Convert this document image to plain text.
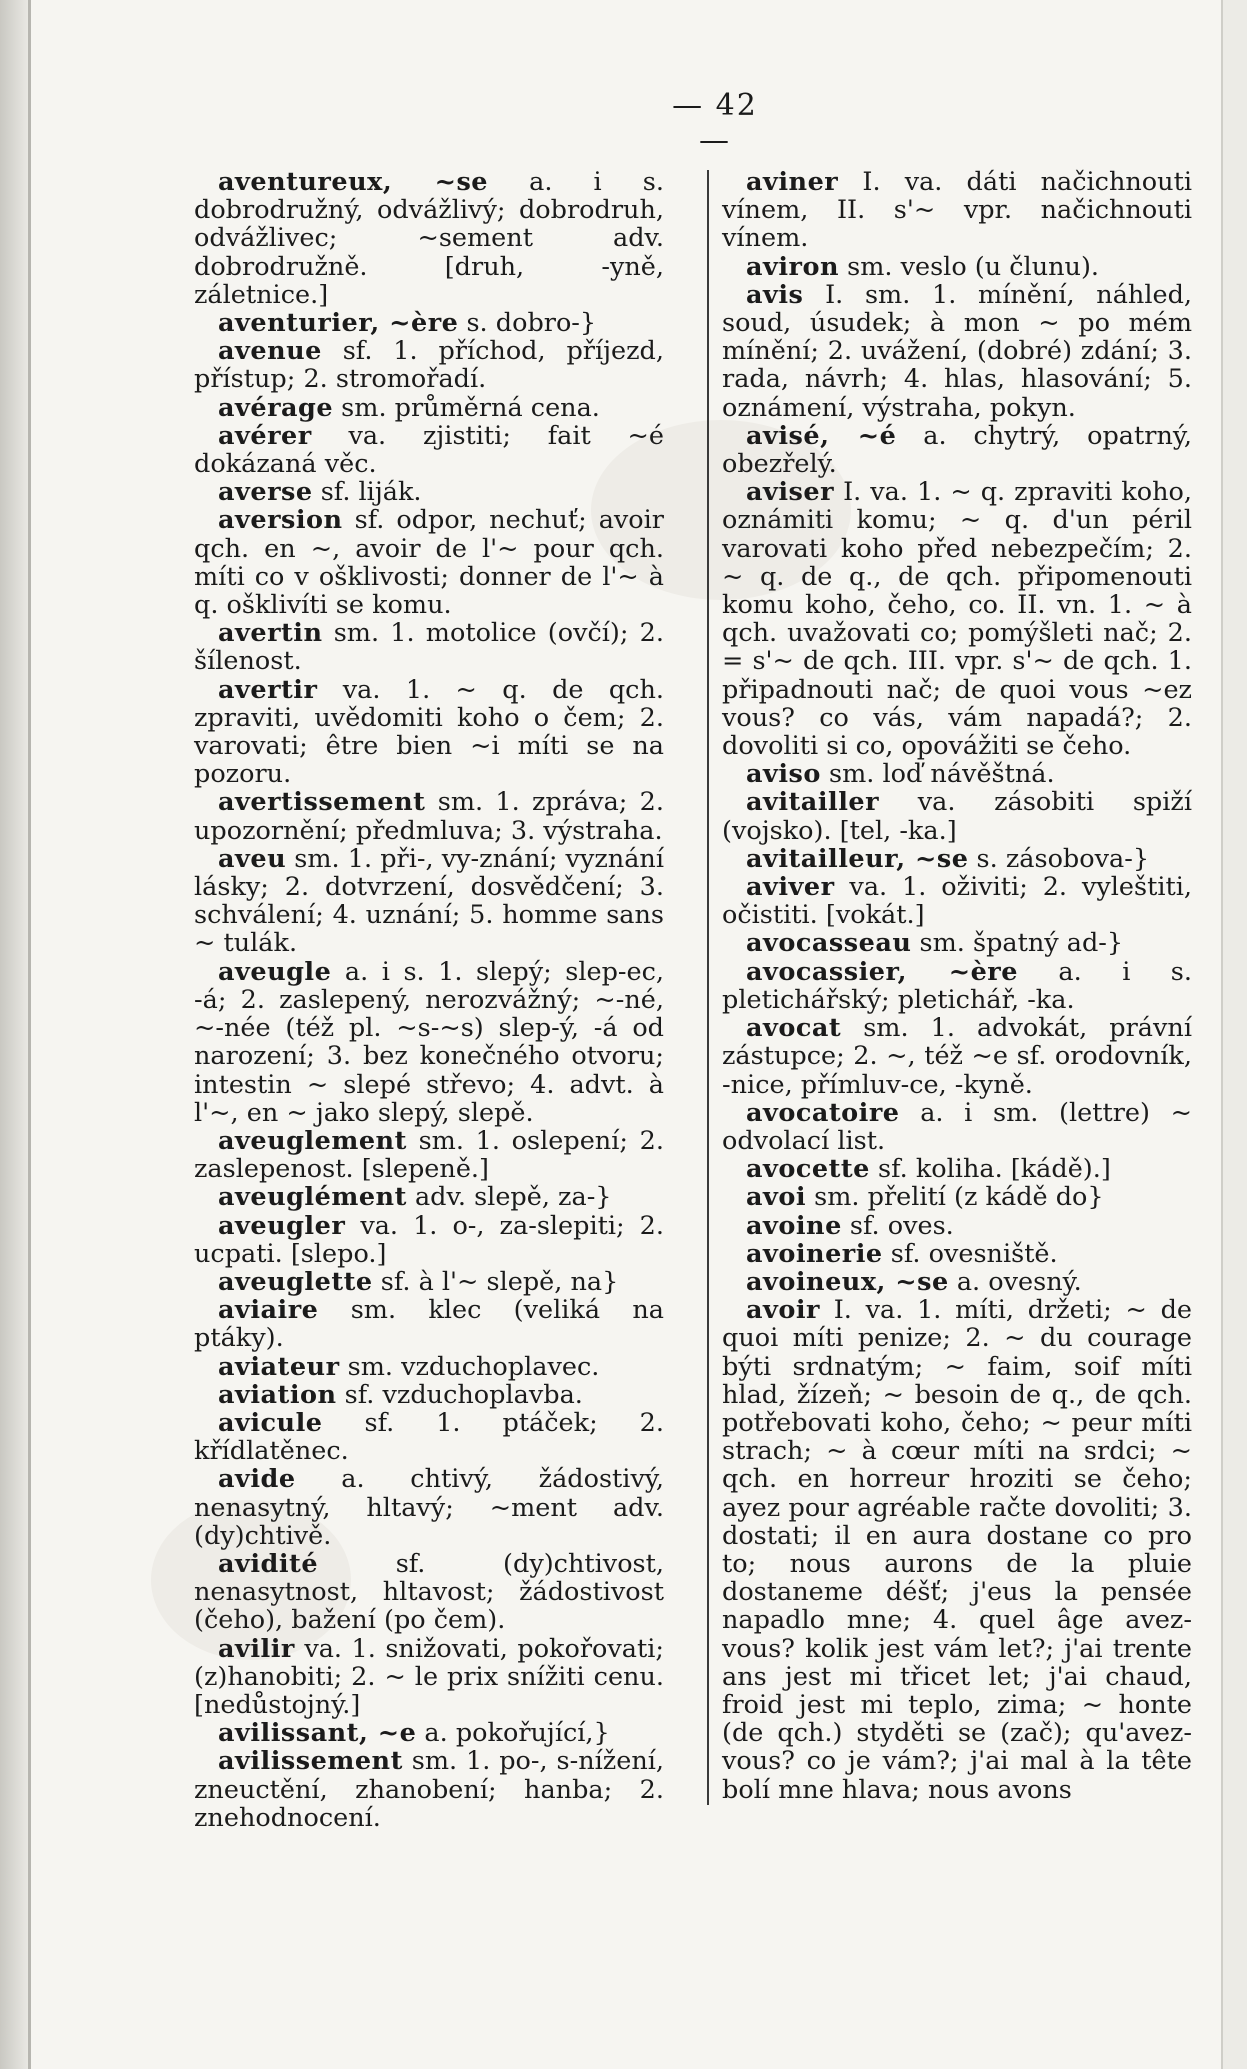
— 42 —

aventureux, ~se a. i s. dobrodružný, odvážlivý; dobrodruh, odvážlivec; ~sement adv. dobrodružně. [druh, -yně, záletnice.]

aventurier, ~ère s. dobro-}

avenue sf. 1. příchod, příjezd, přístup; 2. stromořadí.

avérage sm. průměrná cena.

avérer va. zjistiti; fait ~é dokázaná věc.

averse sf. liják.

aversion sf. odpor, nechuť; avoir qch. en ~, avoir de l'~ pour qch. míti co v ošklivosti; donner de l'~ à q. ošklivíti se komu.

avertin sm. 1. motolice (ovčí); 2. šílenost.

avertir va. 1. ~ q. de qch. zpraviti, uvědomiti koho o čem; 2. varovati; être bien ~i míti se na pozoru.

avertissement sm. 1. zpráva; 2. upozornění; předmluva; 3. výstraha.

aveu sm. 1. při-, vy-znání; vyznání lásky; 2. dotvrzení, dosvědčení; 3. schválení; 4. uznání; 5. homme sans ~ tulák.

aveugle a. i s. 1. slepý; slep-ec, -á; 2. zaslepený, nerozvážný; ~-né, ~-née (též pl. ~s-~s) slep-ý, -á od narození; 3. bez konečného otvoru; intestin ~ slepé střevo; 4. advt. à l'~, en ~ jako slepý, slepě.

aveuglement sm. 1. oslepení; 2. zaslepenost. [slepeně.]

aveuglément adv. slepě, za-}

aveugler va. 1. o-, za-slepiti; 2. ucpati. [slepo.]

aveuglette sf. à l'~ slepě, na}

aviaire sm. klec (veliká na ptáky).

aviateur sm. vzduchoplavec.

aviation sf. vzduchoplavba.

avicule sf. 1. ptáček; 2. křídlatěnec.

avide a. chtivý, žádostivý, nenasytný, hltavý; ~ment adv. (dy)chtivě.

avidité sf. (dy)chtivost, nenasytnost, hltavost; žádostivost (čeho), bažení (po čem).

avilir va. 1. snižovati, pokořovati; (z)hanobiti; 2. ~ le prix snížiti cenu. [nedůstojný.]

avilissant, ~e a. pokořující,}

avilissement sm. 1. po-, s-nížení, zneuctění, zhanobení; hanba; 2. znehodnocení.

aviner I. va. dáti načichnouti vínem, II. s'~ vpr. načichnouti vínem.

aviron sm. veslo (u člunu).

avis I. sm. 1. mínění, náhled, soud, úsudek; à mon ~ po mém mínění; 2. uvážení, (dobré) zdání; 3. rada, návrh; 4. hlas, hlasování; 5. oznámení, výstraha, pokyn.

avisé, ~é a. chytrý, opatrný, obezřelý.

aviser I. va. 1. ~ q. zpraviti koho, oznámiti komu; ~ q. d'un péril varovati koho před nebezpečím; 2. ~ q. de q., de qch. připomenouti komu koho, čeho, co. II. vn. 1. ~ à qch. uvažovati co; pomýšleti nač; 2. = s'~ de qch. III. vpr. s'~ de qch. 1. připadnouti nač; de quoi vous ~ez vous? co vás, vám napadá?; 2. dovoliti si co, opovážiti se čeho.

aviso sm. loď návěštná.

avitailler va. zásobiti spiží (vojsko). [tel, -ka.]

avitailleur, ~se s. zásobova-}

aviver va. 1. oživiti; 2. vyleštiti, očistiti. [vokát.]

avocasseau sm. špatný ad-}

avocassier, ~ère a. i s. pletichářský; pletichář, -ka.

avocat sm. 1. advokát, právní zástupce; 2. ~, též ~e sf. orodovník, -nice, přímluv-ce, -kyně.

avocatoire a. i sm. (lettre) ~ odvolací list.

avocette sf. koliha. [kádě).]

avoi sm. přelití (z kádě do}

avoine sf. oves.

avoinerie sf. ovesniště.

avoineux, ~se a. ovesný.

avoir I. va. 1. míti, držeti; ~ de quoi míti penize; 2. ~ du courage býti srdnatým; ~ faim, soif míti hlad, žízeň; ~ besoin de q., de qch. potřebovati koho, čeho; ~ peur míti strach; ~ à cœur míti na srdci; ~ qch. en horreur hroziti se čeho; ayez pour agréable račte dovoliti; 3. dostati; il en aura dostane co pro to; nous aurons de la pluie dostaneme déšť; j'eus la pensée napadlo mne; 4. quel âge avez-vous? kolik jest vám let?; j'ai trente ans jest mi třicet let; j'ai chaud, froid jest mi teplo, zima; ~ honte (de qch.) styděti se (zač); qu'avez-vous? co je vám?; j'ai mal à la tête bolí mne hlava; nous avons
